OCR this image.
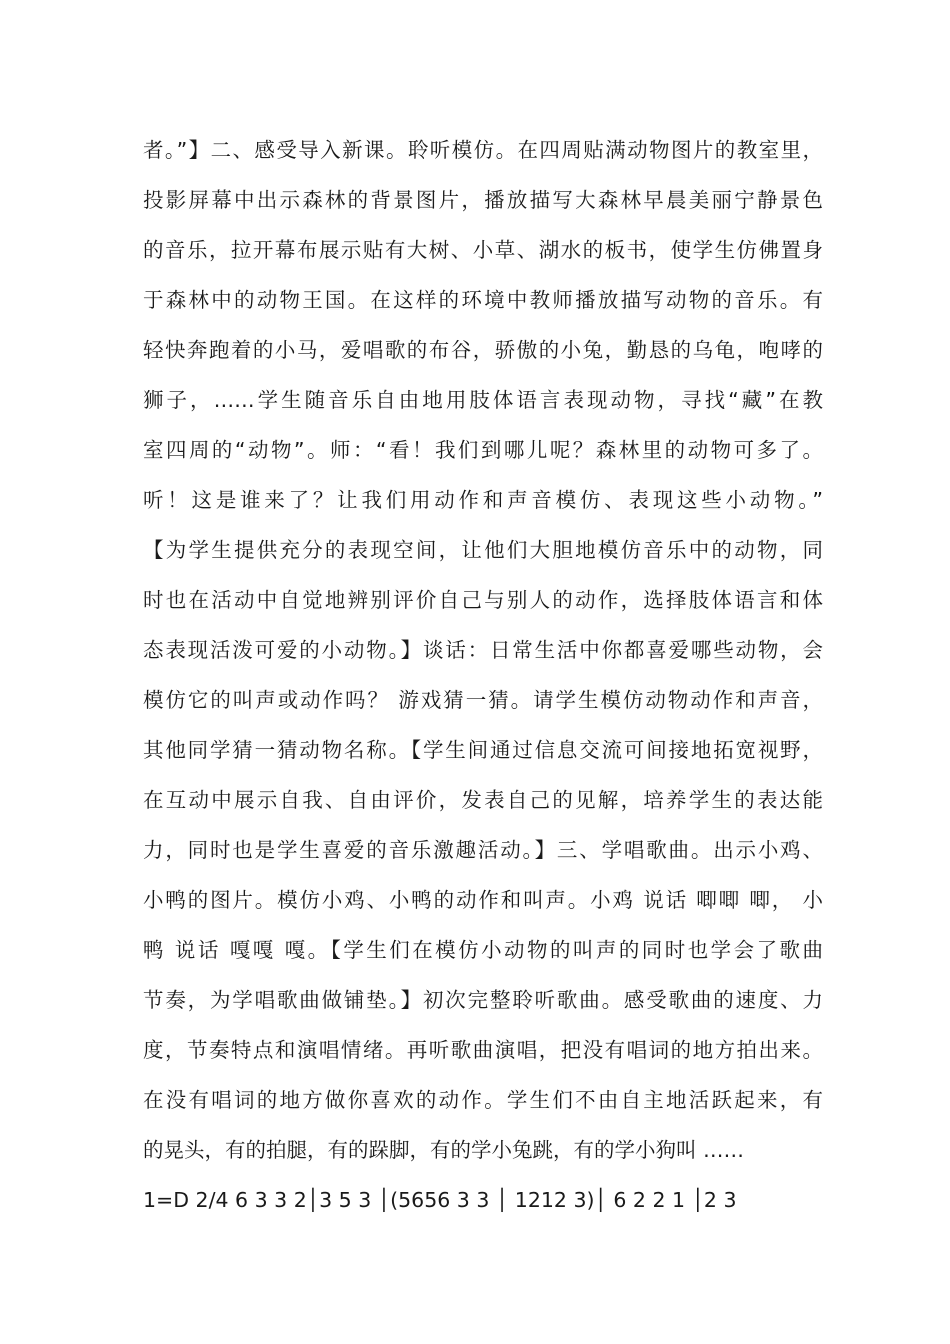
者。”】二、感受导入新课。聆听模仿。在四周贴满动物图片的教室里，
投影屏幕中出示森林的背景图片，播放描写大森林早晨美丽宁静景色
的音乐，拉开幕布展示贴有大树、小草、湖水的板书，使学生仿佛置身
于森林中的动物王国。在这样的环境中教师播放描写动物的音乐。有
轻快奔跑着的小马，爱唱歌的布谷，骄傲的小兔，勤恳的乌龟，咆哮的
狮子，……学生随音乐自由地用肢体语言表现动物，寻找“藏”在教
室四周的“动物”。师：“看！我们到哪儿呢？森林里的动物可多了。
听！这是谁来了？让我们用动作和声音模仿、表现这些小动物。”
【为学生提供充分的表现空间，让他们大胆地模仿音乐中的动物，同
时也在活动中自觉地辨别评价自己与别人的动作，选择肢体语言和体
态表现活泼可爱的小动物。】谈话：日常生活中你都喜爱哪些动物，会
模仿它的叫声或动作吗？ 游戏猜一猜。请学生模仿动物动作和声音，
其他同学猜一猜动物名称。【学生间通过信息交流可间接地拓宽视野，
在互动中展示自我、自由评价，发表自己的见解，培养学生的表达能
力，同时也是学生喜爱的音乐激趣活动。】三、学唱歌曲。出示小鸡、
小鸭的图片。模仿小鸡、小鸭的动作和叫声。小鸡 说话 唧唧 唧， 小
鸭 说话 嘎嘎 嘎。【学生们在模仿小动物的叫声的同时也学会了歌曲
节奏，为学唱歌曲做铺垫。】初次完整聆听歌曲。感受歌曲的速度、力
度，节奏特点和演唱情绪。再听歌曲演唱，把没有唱词的地方拍出来。
在没有唱词的地方做你喜欢的动作。学生们不由自主地活跃起来，有
的晃头，有的拍腿，有的跺脚，有的学小兔跳，有的学小狗叫 ……
1=D 2/4 6 3 3 2│3 5 3 │(5656 3 3 │ 1212 3)│ 6 2 2 1 │2 3
